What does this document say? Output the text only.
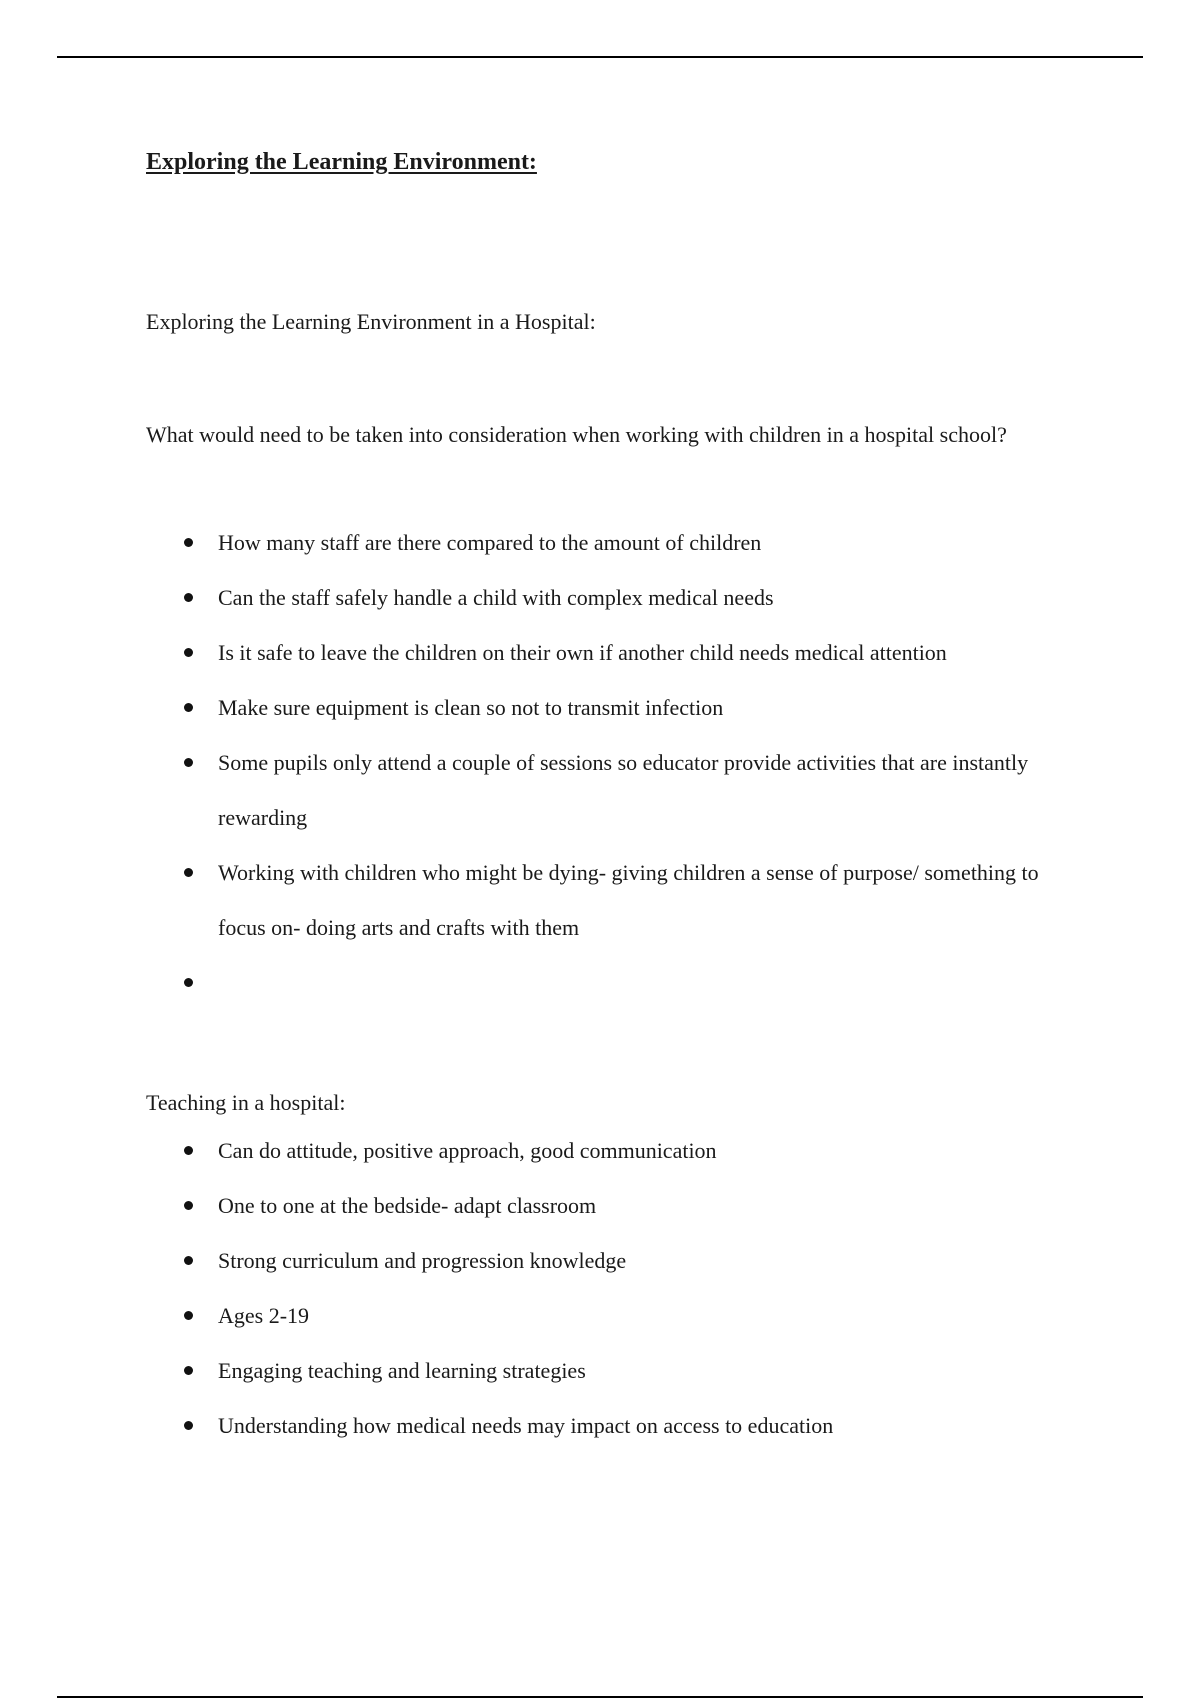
Exploring the Learning Environment:

Exploring the Learning Environment in a Hospital:

What would need to be taken into consideration when working with children in a hospital school?

How many staff are there compared to the amount of children
Can the staff safely handle a child with complex medical needs
Is it safe to leave the children on their own if another child needs medical attention
Make sure equipment is clean so not to transmit infection
Some pupils only attend a couple of sessions so educator provide activities that are instantly rewarding
Working with children who might be dying- giving children a sense of purpose/ something to focus on- doing arts and crafts with them

Teaching in a hospital:

Can do attitude, positive approach, good communication
One to one at the bedside- adapt classroom
Strong curriculum and progression knowledge
Ages 2-19
Engaging teaching and learning strategies
Understanding how medical needs may impact on access to education
